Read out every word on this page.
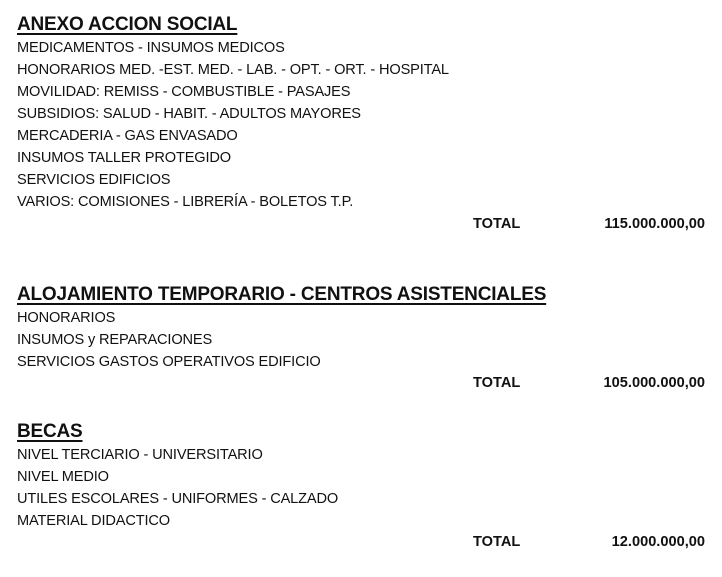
ANEXO ACCION SOCIAL
MEDICAMENTOS - INSUMOS MEDICOS
HONORARIOS MED. -EST. MED. - LAB. - OPT. - ORT. - HOSPITAL
MOVILIDAD: REMISS - COMBUSTIBLE - PASAJES
SUBSIDIOS: SALUD - HABIT. - ADULTOS MAYORES
MERCADERIA - GAS ENVASADO
INSUMOS TALLER PROTEGIDO
SERVICIOS EDIFICIOS
VARIOS: COMISIONES - LIBRERÍA - BOLETOS T.P.
TOTAL	115.000.000,00
ALOJAMIENTO TEMPORARIO - CENTROS ASISTENCIALES
HONORARIOS
INSUMOS y REPARACIONES
SERVICIOS GASTOS OPERATIVOS EDIFICIO
TOTAL	105.000.000,00
BECAS
NIVEL TERCIARIO - UNIVERSITARIO
NIVEL MEDIO
UTILES ESCOLARES - UNIFORMES - CALZADO
MATERIAL DIDACTICO
TOTAL	12.000.000,00
